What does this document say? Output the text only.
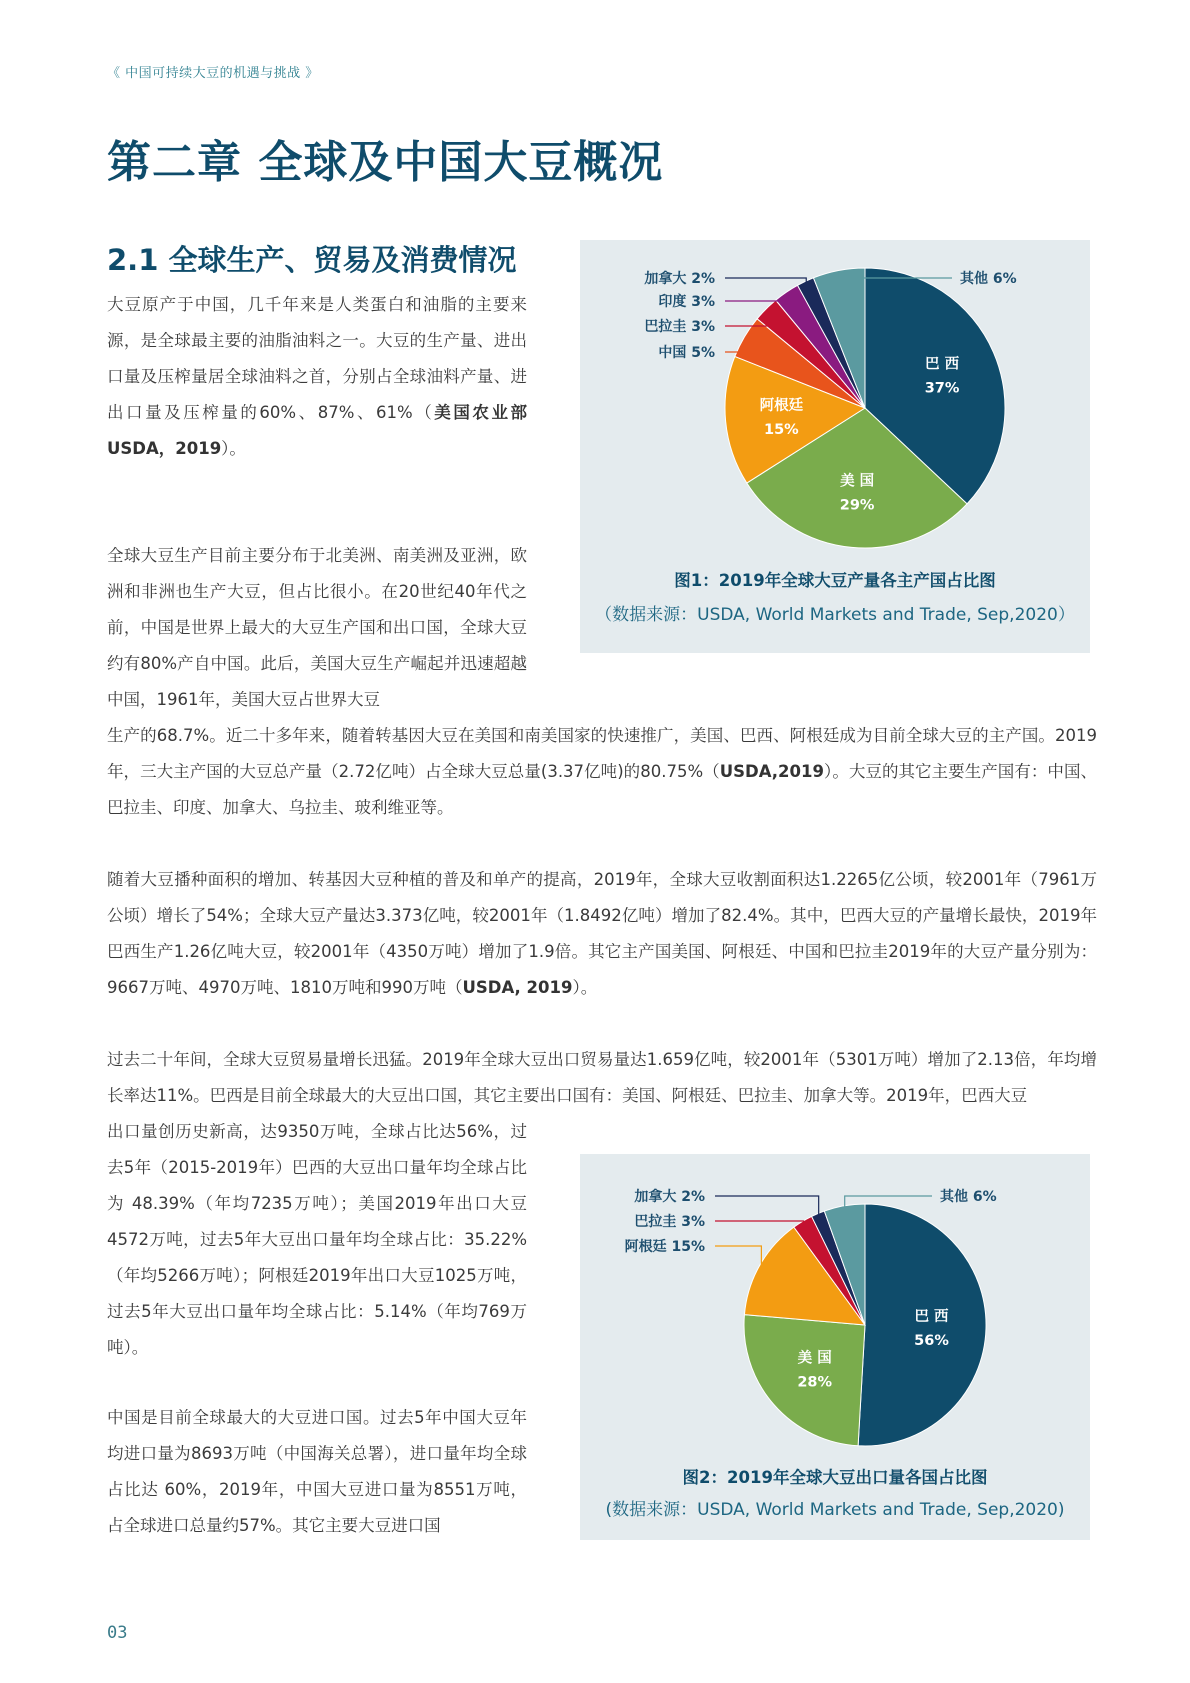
《 中国可持续大豆的机遇与挑战 》
第二章 全球及中国大豆概况
2.1 全球生产、贸易及消费情况

大豆原产于中国，几千年来是人类蛋白和油脂的主要来源，是全球最主要的油脂油料之一。大豆的生产量、进出口量及压榨量居全球油料之首，分别占全球油料产量、进出口量及压榨量的60%、87%、61%（美国农业部USDA，2019）。

全球大豆生产目前主要分布于北美洲、南美洲及亚洲，欧洲和非洲也生产大豆，但占比很小。在20世纪40年代之前，中国是世界上最大的大豆生产国和出口国，全球大豆约有80%产自中国。此后，美国大豆生产崛起并迅速超越中国，1961年，美国大豆占世界大豆

生产的68.7%。近二十多年来，随着转基因大豆在美国和南美国家的快速推广，美国、巴西、阿根廷成为目前全球大豆的主产国。2019年，三大主产国的大豆总产量（2.72亿吨）占全球大豆总量(3.37亿吨)的80.75%（USDA,2019）。大豆的其它主要生产国有：中国、巴拉圭、印度、加拿大、乌拉圭、玻利维亚等。

随着大豆播种面积的增加、转基因大豆种植的普及和单产的提高，2019年，全球大豆收割面积达1.2265亿公顷，较2001年（7961万公顷）增长了54%；全球大豆产量达3.373亿吨，较2001年（1.8492亿吨）增加了82.4%。其中，巴西大豆的产量增长最快，2019年巴西生产1.26亿吨大豆，较2001年（4350万吨）增加了1.9倍。其它主产国美国、阿根廷、中国和巴拉圭2019年的大豆产量分别为：9667万吨、4970万吨、1810万吨和990万吨（USDA, 2019）。

过去二十年间，全球大豆贸易量增长迅猛。2019年全球大豆出口贸易量达1.659亿吨，较2001年（5301万吨）增加了2.13倍，年均增长率达11%。巴西是目前全球最大的大豆出口国，其它主要出口国有：美国、阿根廷、巴拉圭、加拿大等。2019年，巴西大豆

出口量创历史新高，达9350万吨，全球占比达56%，过去5年（2015-2019年）巴西的大豆出口量年均全球占比为 48.39%（年均7235万吨）；美国2019年出口大豆4572万吨，过去5年大豆出口量年均全球占比：35.22%（年均5266万吨）；阿根廷2019年出口大豆1025万吨，过去5年大豆出口量年均全球占比：5.14%（年均769万吨）。

中国是目前全球最大的大豆进口国。过去5年中国大豆年均进口量为8693万吨（中国海关总署），进口量年均全球占比达 60%，2019年，中国大豆进口量为8551万吨，占全球进口总量约57%。其它主要大豆进口国

巴 西
37%
美 国
29%
阿根廷
15%
中国 5%
巴拉圭 3%
印度 3%
加拿大 2%	其他 6%
图1：2019年全球大豆产量各主产国占比图
（数据来源：USDA, World Markets and Trade, Sep,2020）
巴 西
56%
美 国
28%
阿根廷 15%
巴拉圭 3%
加拿大 2%	其他 6%
图2：2019年全球大豆出口量各国占比图
(数据来源：USDA, World Markets and Trade, Sep,2020)
03
